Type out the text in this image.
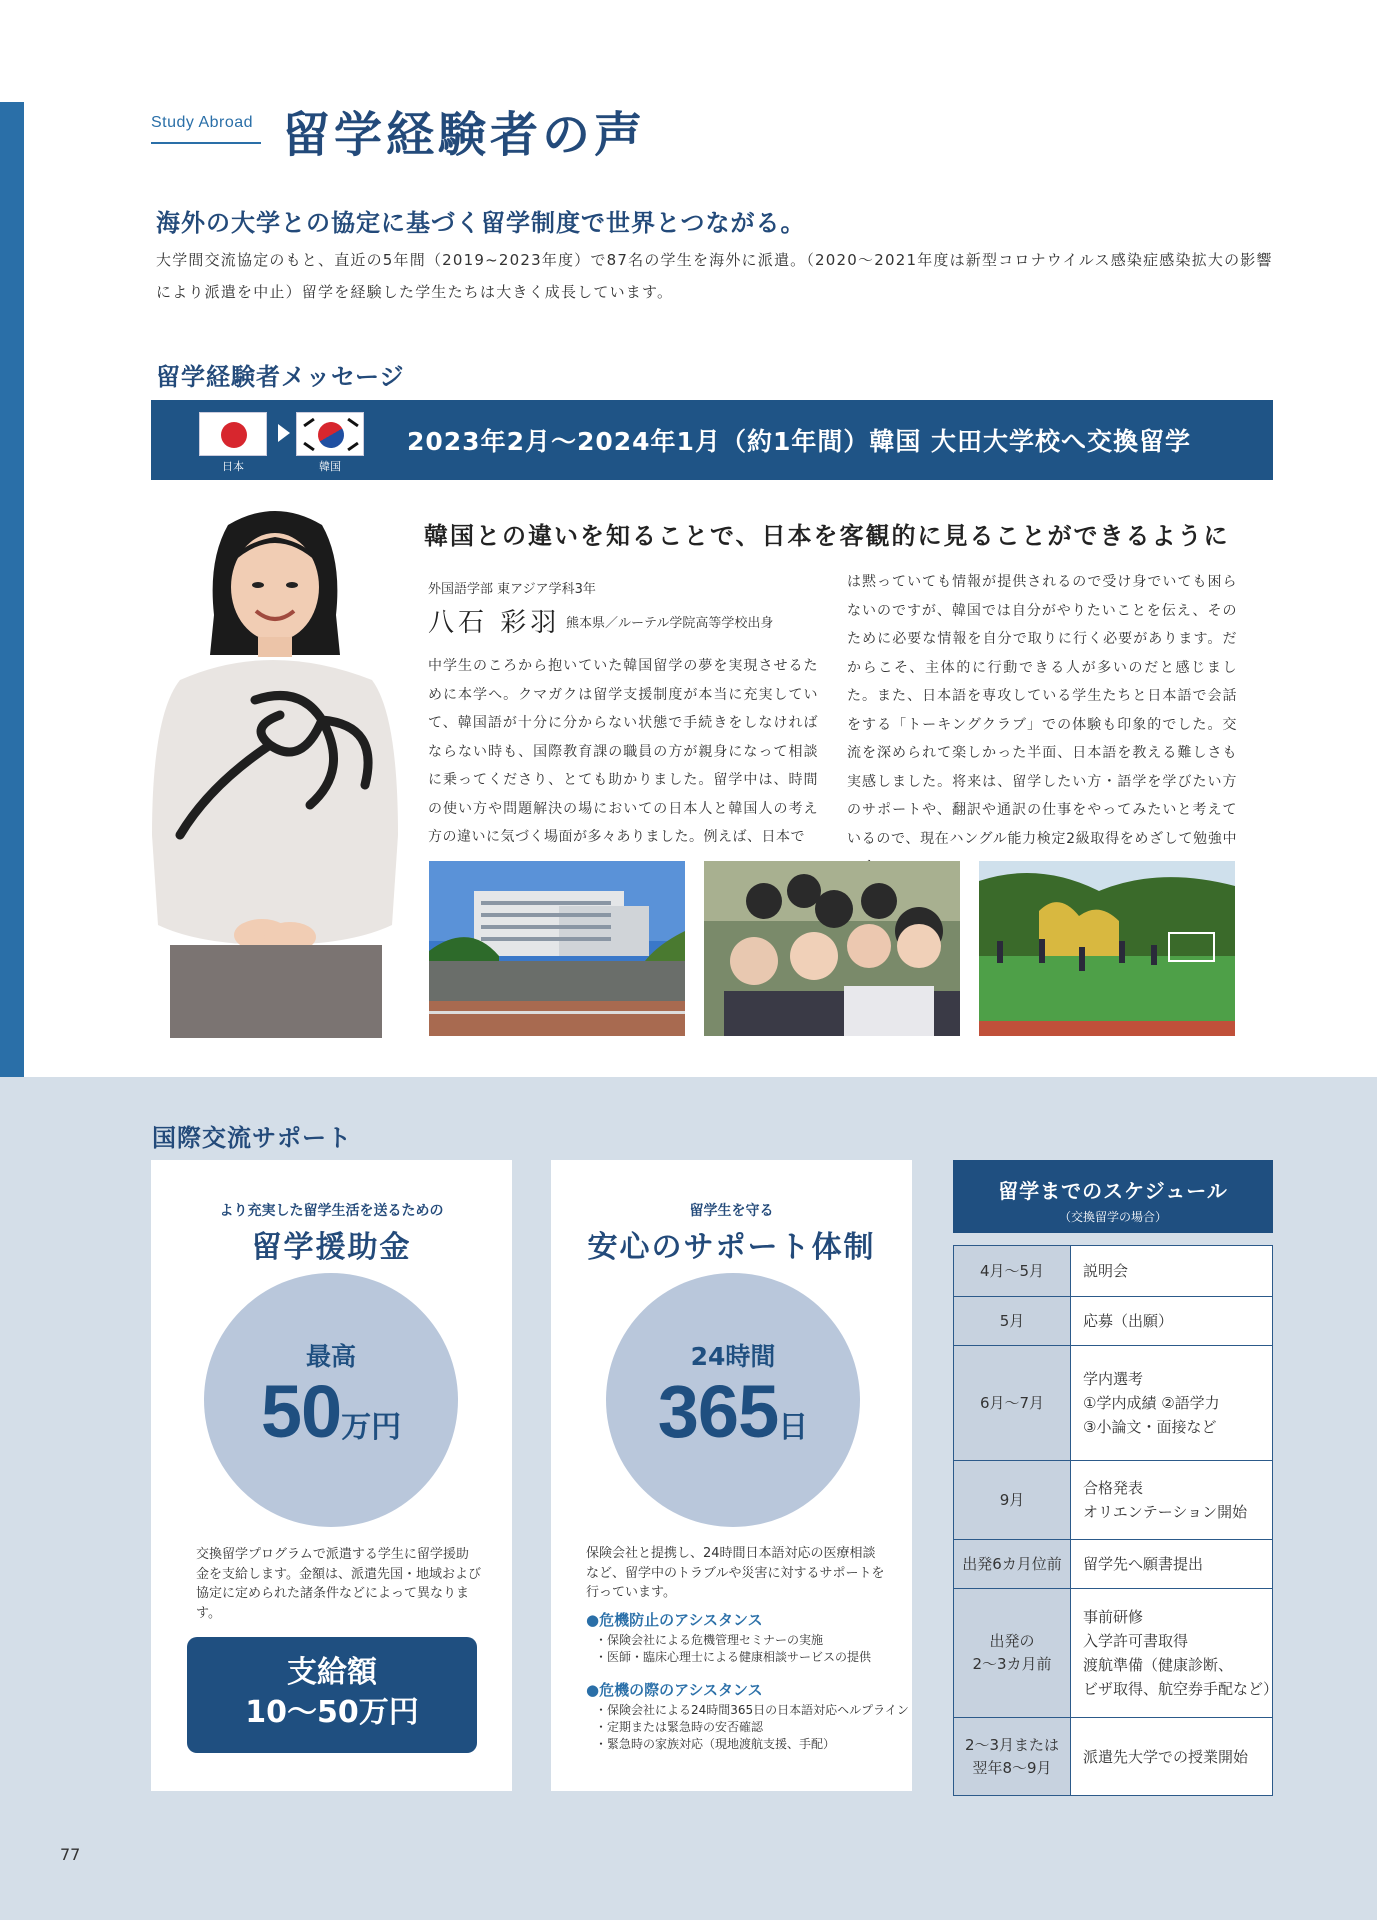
Study Abroad 留学経験者の声
海外の大学との協定に基づく留学制度で世界とつながる。
大学間交流協定のもと、直近の5年間（2019~2023年度）で87名の学生を海外に派遣。（2020～2021年度は新型コロナウイルス感染症感染拡大の影響により派遣を中止）留学を経験した学生たちは大きく成長しています。
留学経験者メッセージ
日本	韓国
2023年2月～2024年1月（約1年間）韓国 大田大学校へ交換留学
韓国との違いを知ることで、日本を客観的に見ることができるように
外国語学部 東アジア学科3年
八石 彩羽 熊本県／ルーテル学院高等学校出身
中学生のころから抱いていた韓国留学の夢を実現させるために本学へ。クマガクは留学支援制度が本当に充実していて、韓国語が十分に分からない状態で手続きをしなければならない時も、国際教育課の職員の方が親身になって相談に乗ってくださり、とても助かりました。留学中は、時間の使い方や問題解決の場においての日本人と韓国人の考え方の違いに気づく場面が多々ありました。例えば、日本で
は黙っていても情報が提供されるので受け身でいても困らないのですが、韓国では自分がやりたいことを伝え、そのために必要な情報を自分で取りに行く必要があります。だからこそ、主体的に行動できる人が多いのだと感じました。また、日本語を専攻している学生たちと日本語で会話をする「トーキングクラブ」での体験も印象的でした。交流を深められて楽しかった半面、日本語を教える難しさも実感しました。将来は、留学したい方・語学を学びたい方のサポートや、翻訳や通訳の仕事をやってみたいと考えているので、現在ハングル能力検定2級取得をめざして勉強中
国際交流サポート
より充実した留学生活を送るための
留学援助金
最高
50万円
交換留学プログラムで派遣する学生に留学援助金を支給します。金額は、派遣先国・地域および協定に定められた諸条件などによって異なります。
支給額
10～50万円
留学生を守る
安心のサポート体制
24時間
365日
保険会社と提携し、24時間日本語対応の医療相談など、留学中のトラブルや災害に対するサポートを行っています。
●危機防止のアシスタンス
・保険会社による危機管理セミナーの実施
・医師・臨床心理士による健康相談サービスの提供
●危機の際のアシスタンス
・保険会社による24時間365日の日本語対応ヘルプライン
・定期または緊急時の安否確認
・緊急時の家族対応（現地渡航支援、手配）
留学までのスケジュール
（交換留学の場合）
4月～5月	説明会
5月	応募（出願）
6月～7月	学内選考
①学内成績 ②語学力
③小論文・面接など
9月	合格発表
オリエンテーション開始
出発6カ月位前	留学先へ願書提出
出発の
2～3カ月前	事前研修
入学許可書取得
渡航準備（健康診断、
ビザ取得、航空券手配など）
2～3月または
翌年8～9月	派遣先大学での授業開始
77
